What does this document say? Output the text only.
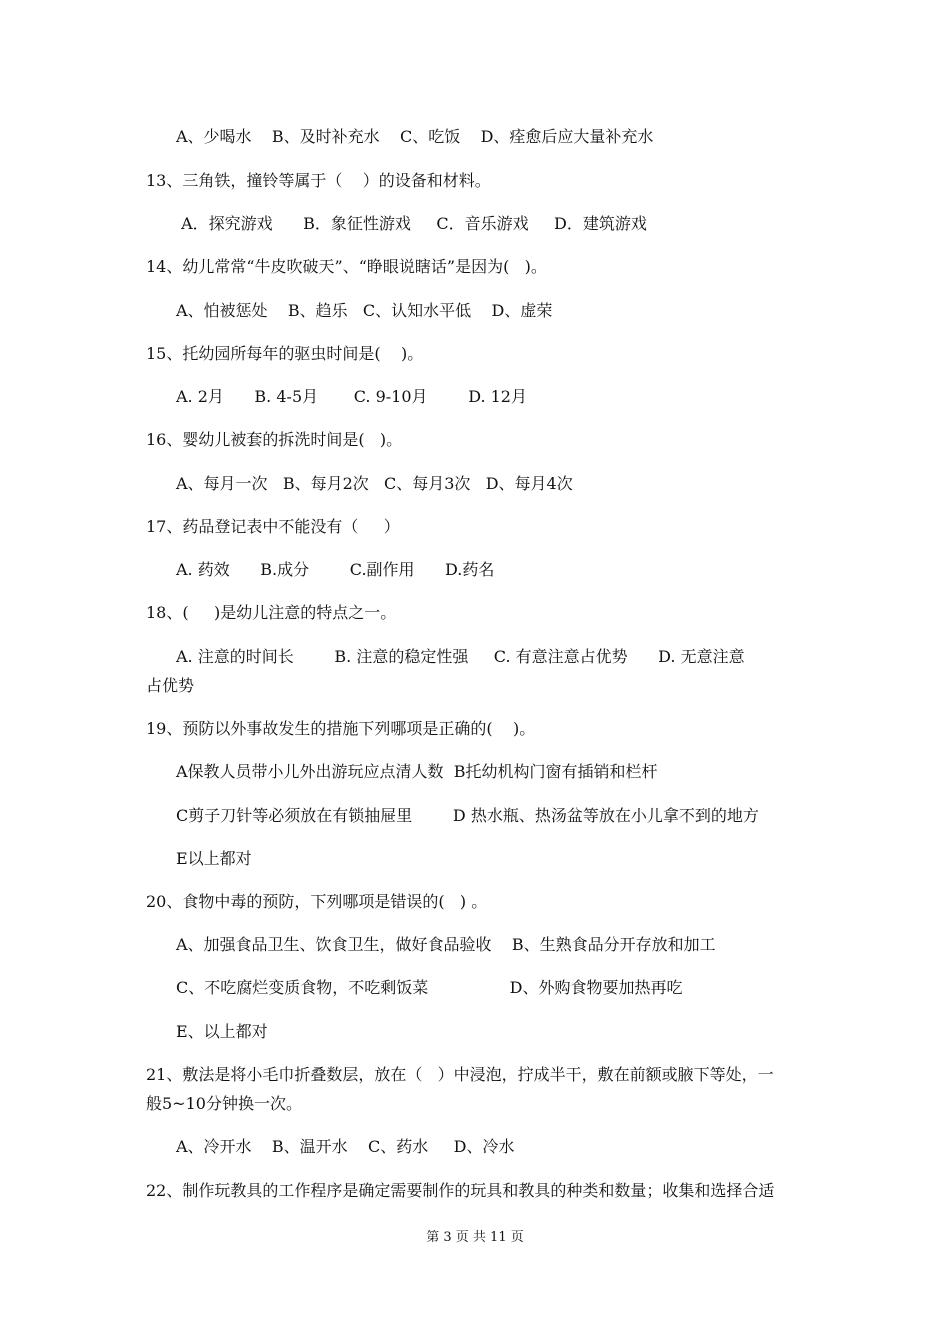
A、少喝水    B、及时补充水    C、吃饭    D、痊愈后应大量补充水
13、三角铁，撞铃等属于（    ）的设备和材料。
A．探究游戏      B．象征性游戏     C．音乐游戏     D．建筑游戏
14、幼儿常常“牛皮吹破天”、“睁眼说瞎话”是因为(   )。
A、怕被惩处    B、趋乐   C、认知水平低    D、虚荣
15、托幼园所每年的驱虫时间是(    )。
A. 2月      B. 4-5月       C. 9-10月        D. 12月
16、婴幼儿被套的拆洗时间是(   )。
A、每月一次   B、每月2次   C、每月3次   D、每月4次
17、药品登记表中不能没有（     ）
A. 药效      B.成分        C.副作用      D.药名
18、(     )是幼儿注意的特点之一。
A. 注意的时间长        B. 注意的稳定性强     C. 有意注意占优势      D. 无意注意
占优势
19、预防以外事故发生的措施下列哪项是正确的(    )。
A保教人员带小儿外出游玩应点清人数  B托幼机构门窗有插销和栏杆
C剪子刀针等必须放在有锁抽屉里        D 热水瓶、热汤盆等放在小儿拿不到的地方
E以上都对
20、食物中毒的预防，下列哪项是错误的(   ) 。
A、加强食品卫生、饮食卫生，做好食品验收    B、生熟食品分开存放和加工
C、不吃腐烂变质食物，不吃剩饭菜                D、外购食物要加热再吃
E、以上都对
21、敷法是将小毛巾折叠数层，放在（   ）中浸泡，拧成半干，敷在前额或腋下等处，一
般5~10分钟换一次。
A、冷开水    B、温开水    C、药水     D、冷水
22、制作玩教具的工作程序是确定需要制作的玩具和教具的种类和数量；收集和选择合适
第 3 页 共 11 页
